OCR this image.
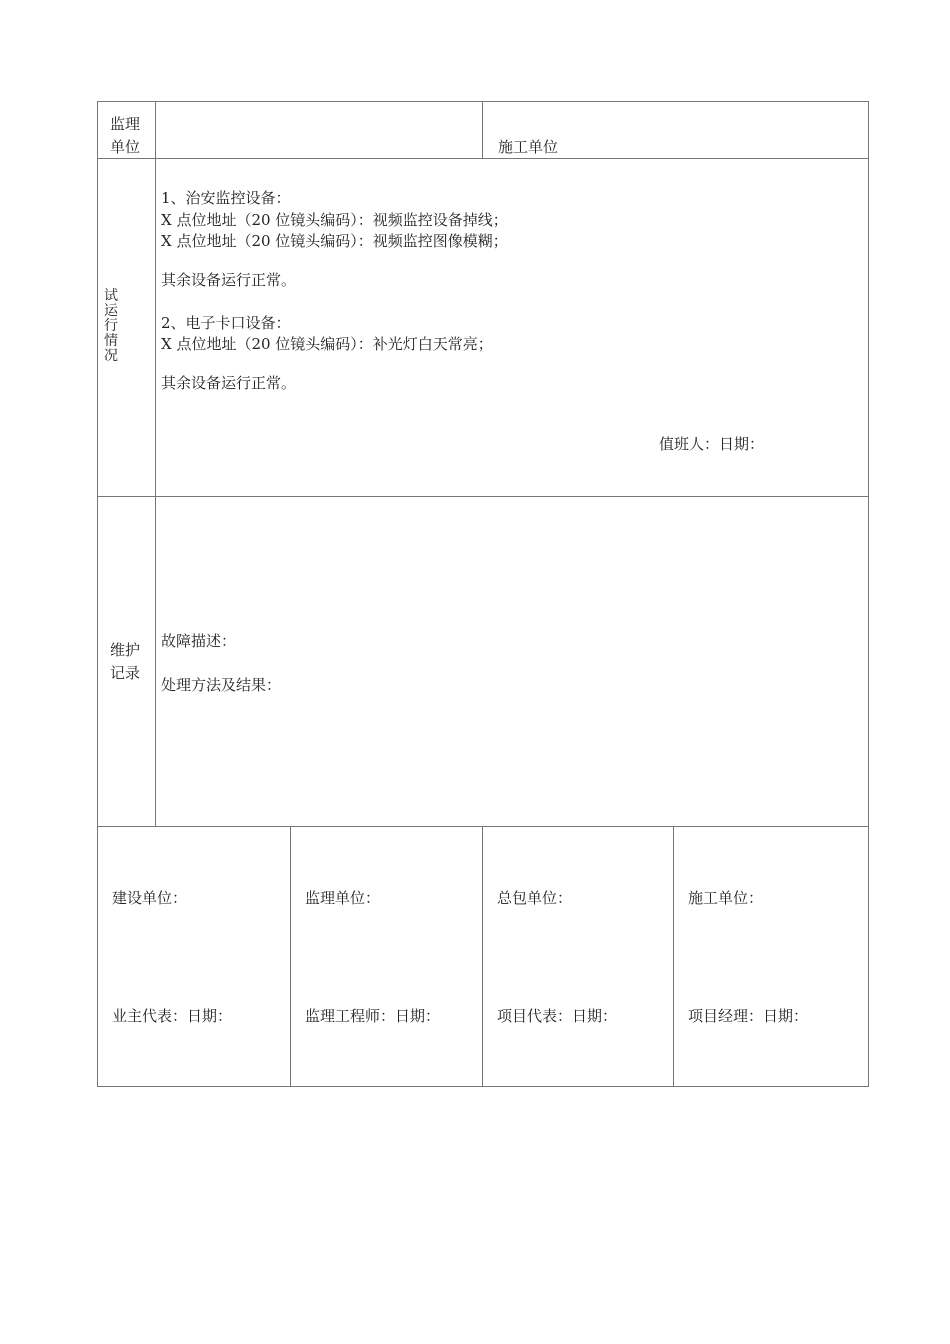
监理
单位	施工单位
试
运
行
情
况
1、治安监控设备：
X 点位地址（20 位镜头编码）：视频监控设备掉线；
X 点位地址（20 位镜头编码）：视频监控图像模糊；
其余设备运行正常。
2、电子卡口设备：
X 点位地址（20 位镜头编码）：补光灯白天常亮；
其余设备运行正常。
值班人：日期：
维护
记录
故障描述：
处理方法及结果：
建设单位：
业主代表：日期：
监理单位：
监理工程师：日期：
总包单位：
项目代表：日期：
施工单位：
项目经理：日期：
